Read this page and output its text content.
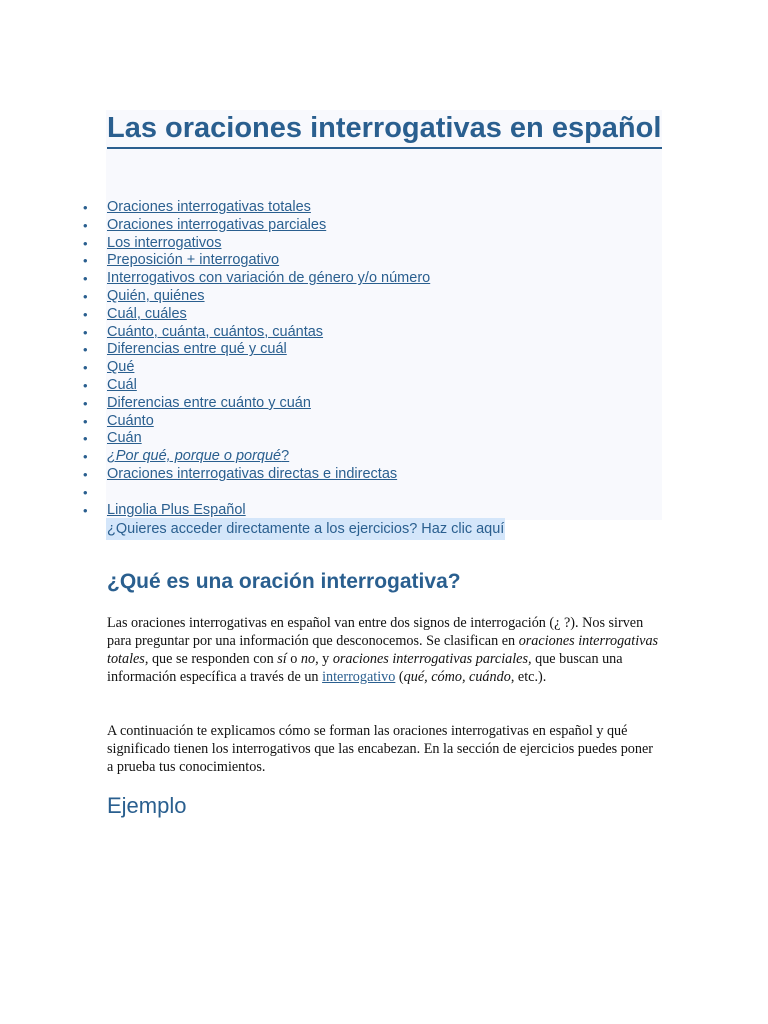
Las oraciones interrogativas en español
• Oraciones interrogativas totales
• Oraciones interrogativas parciales
• Los interrogativos
• Preposición + interrogativo
• Interrogativos con variación de género y/o número
• Quién, quiénes
• Cuál, cuáles
• Cuánto, cuánta, cuántos, cuántas
• Diferencias entre qué y cuál
• Qué
• Cuál
• Diferencias entre cuánto y cuán
• Cuánto
• Cuán
• ¿Por qué, porque o porqué?
• Oraciones interrogativas directas e indirectas
•
• Lingolia Plus Español
¿Quieres acceder directamente a los ejercicios? Haz clic aquí
¿Qué es una oración interrogativa?

Las oraciones interrogativas en español van entre dos signos de interrogación (¿ ?). Nos sirven para preguntar por una información que desconocemos. Se clasifican en oraciones interrogativas totales, que se responden con sí o no, y oraciones interrogativas parciales, que buscan una información específica a través de un interrogativo (qué, cómo, cuándo, etc.).

A continuación te explicamos cómo se forman las oraciones interrogativas en español y qué significado tienen los interrogativos que las encabezan. En la sección de ejercicios puedes poner a prueba tus conocimientos.

Ejemplo
